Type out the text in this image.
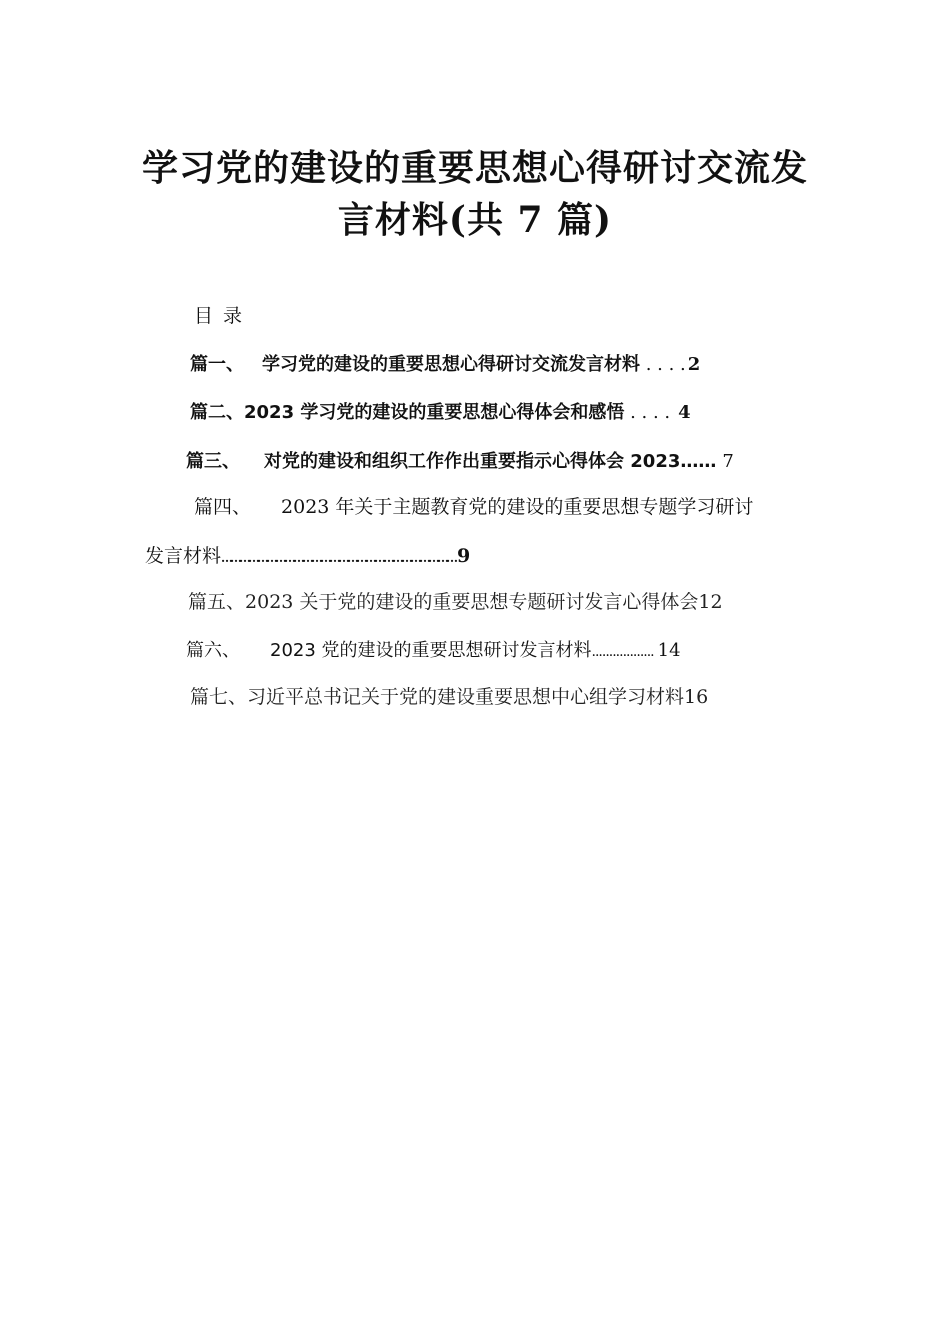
学习党的建设的重要思想心得研讨交流发
言材料(共 7 篇)
目 录
篇一、 学习党的建设的重要思想心得研讨交流发言材料 . . . . 2
篇二、2023 学习党的建设的重要思想心得体会和感悟 . . . . 4
篇三、 对党的建设和组织工作作出重要指示心得体会 2023…… 7
篇四、 2023 年关于主题教育党的建设的重要思想专题学习研讨
发言材料…………………………………………………………………… 9
篇五、2023 关于党的建设的重要思想专题研讨发言心得体会12
篇六、 2023 党的建设的重要思想研讨发言材料.................. 14
篇七、习近平总书记关于党的建设重要思想中心组学习材料16
